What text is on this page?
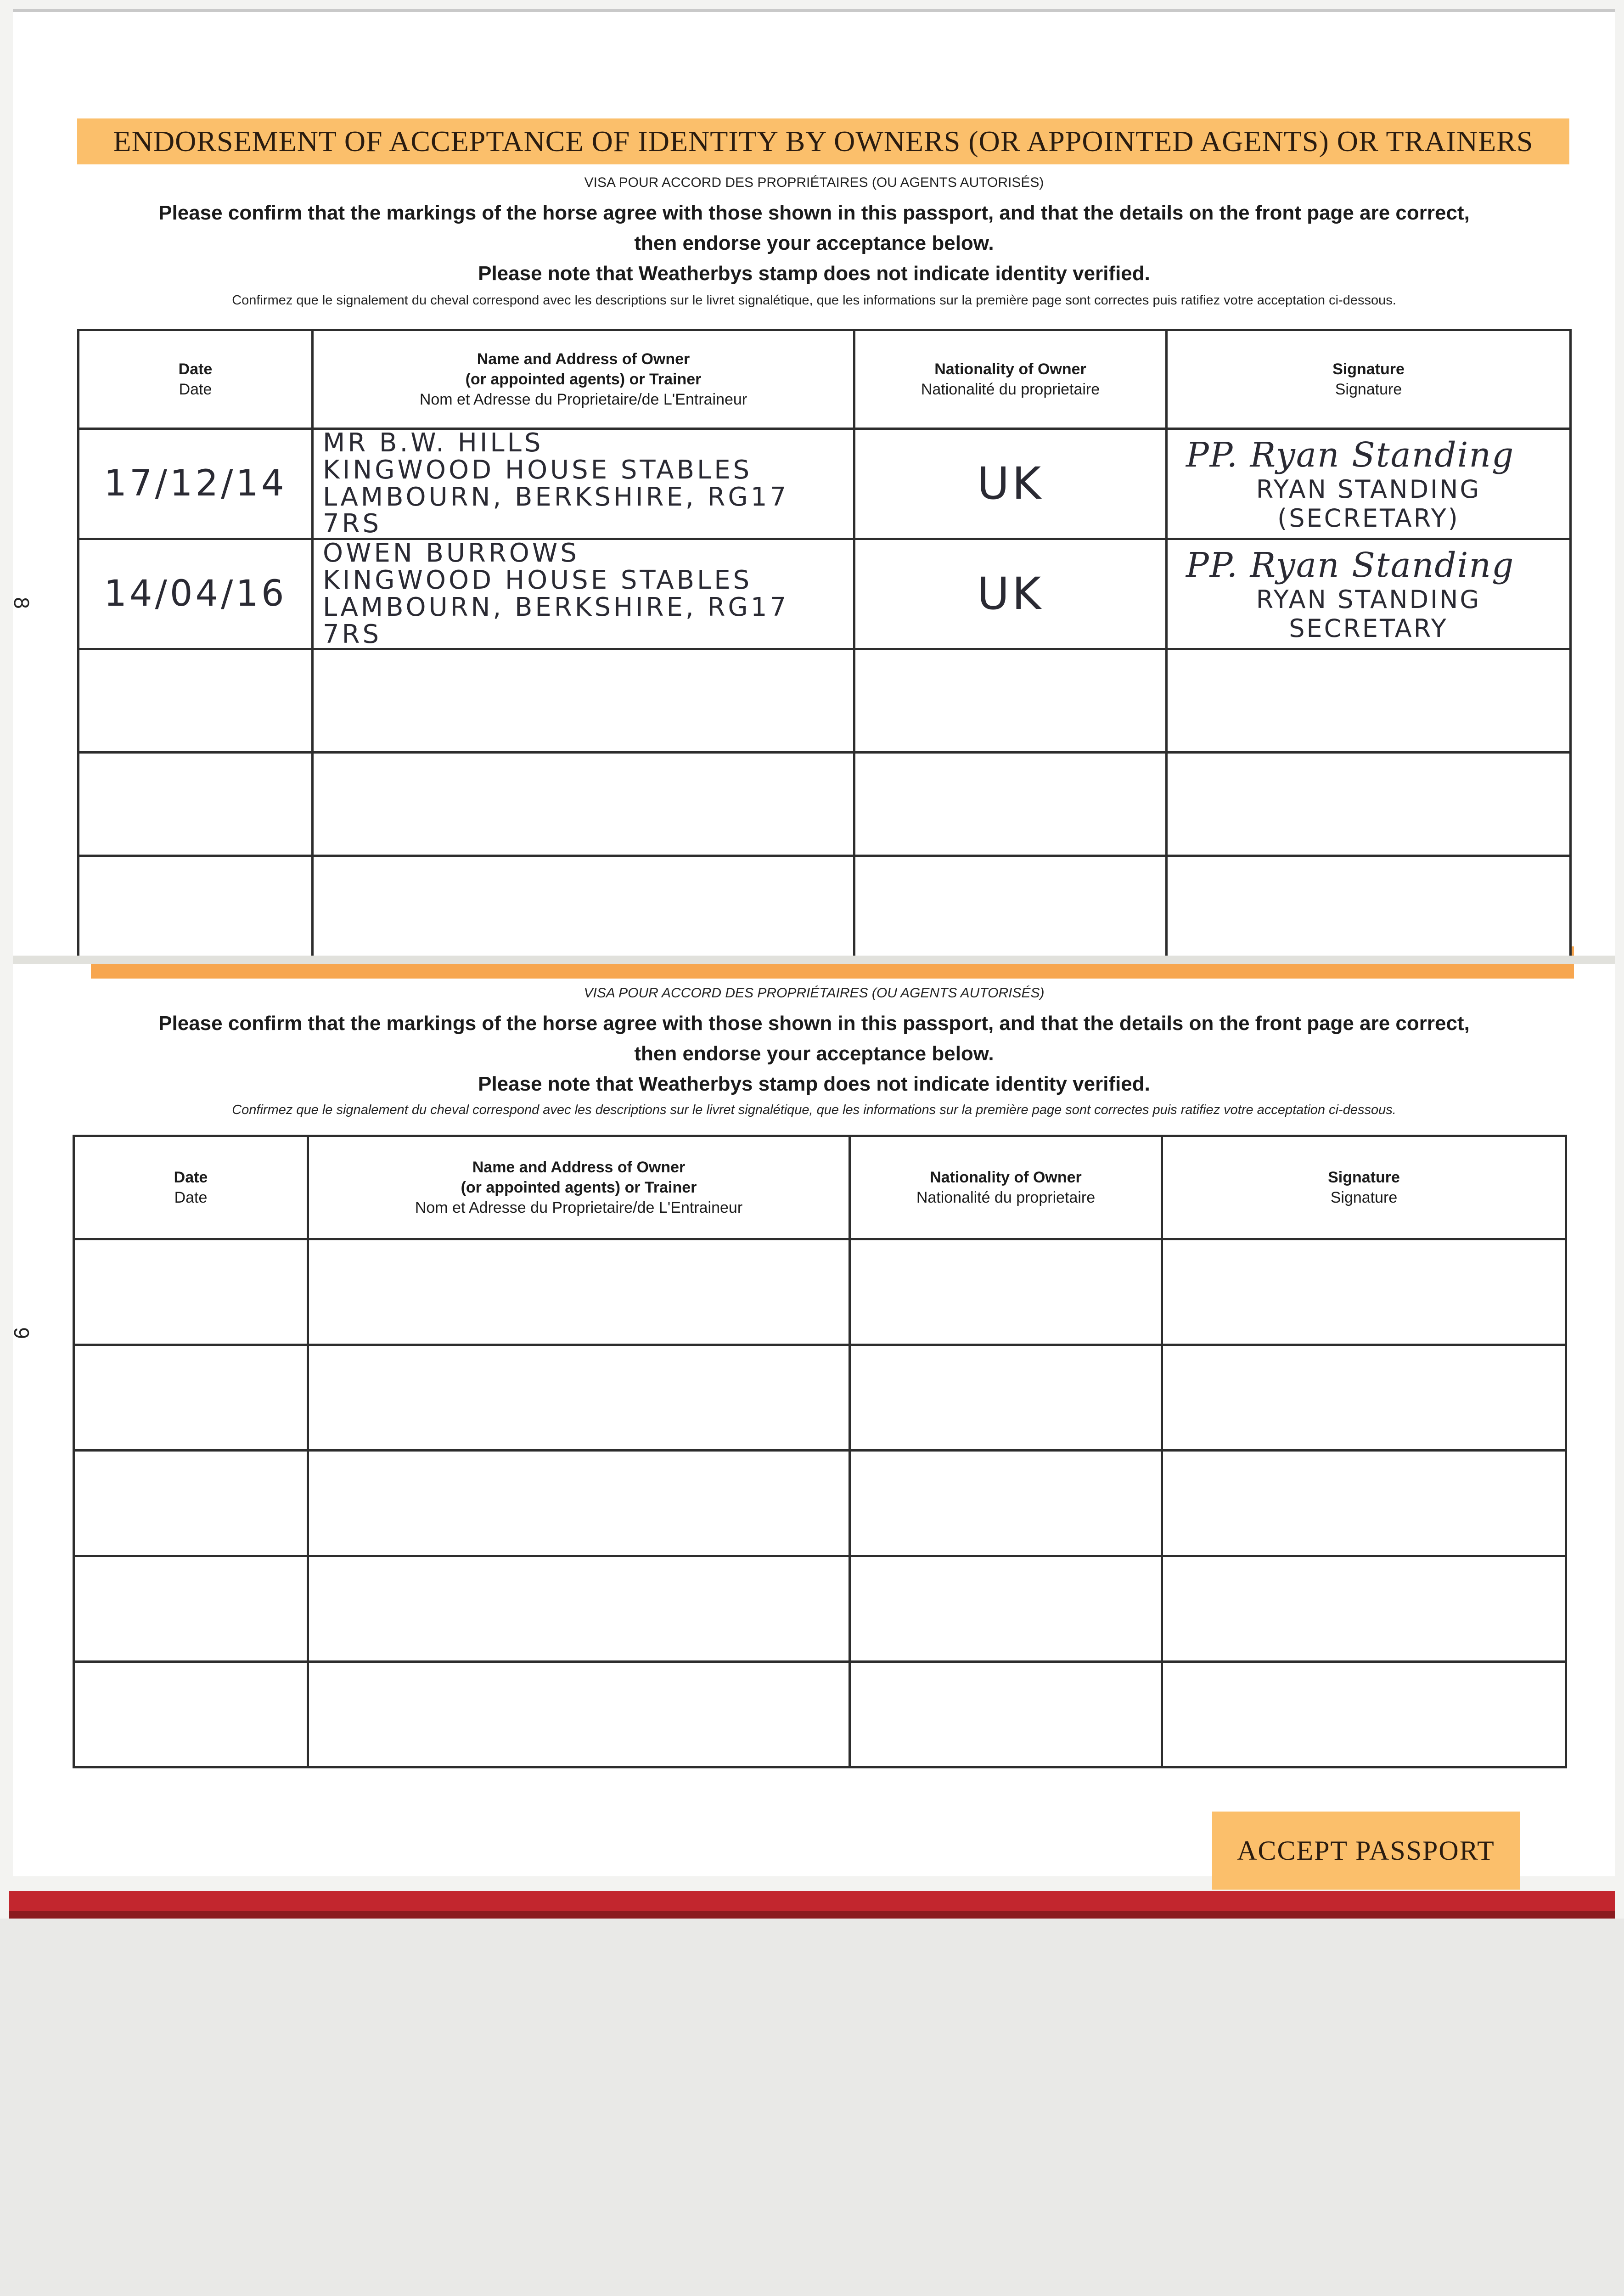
ENDORSEMENT OF ACCEPTANCE OF IDENTITY BY OWNERS (OR APPOINTED AGENTS) OR TRAINERS
VISA POUR ACCORD DES PROPRIÉTAIRES (OU AGENTS AUTORISÉS)
Please confirm that the markings of the horse agree with those shown in this passport, and that the details on the front page are correct,
then endorse your acceptance below.
Please note that Weatherbys stamp does not indicate identity verified.
Confirmez que le signalement du cheval correspond avec les descriptions sur le livret signalétique, que les informations sur la première page sont correctes puis ratifiez votre acceptation ci-dessous.
8
Date
Date	Name and Address of Owner
(or appointed agents) or Trainer
Nom et Adresse du Proprietaire/de L'Entraineur	Nationality of Owner
Nationalité du proprietaire	Signature
Signature

17/12/14	MR B.W. HILLS
KINGWOOD HOUSE STABLES
LAMBOURN, BERKSHIRE, RG17 7RS	UK	PP. Ryan Standing
RYAN STANDING
(SECRETARY)

14/04/16	OWEN BURROWS
KINGWOOD HOUSE STABLES
LAMBOURN, BERKSHIRE, RG17 7RS	UK	PP. Ryan Standing
RYAN STANDING
SECRETARY

VISA POUR ACCORD DES PROPRIÉTAIRES (OU AGENTS AUTORISÉS)
Please confirm that the markings of the horse agree with those shown in this passport, and that the details on the front page are correct,
then endorse your acceptance below.
Please note that Weatherbys stamp does not indicate identity verified.
Confirmez que le signalement du cheval correspond avec les descriptions sur le livret signalétique, que les informations sur la première page sont correctes puis ratifiez votre acceptation ci-dessous.
9
Date
Date	Name and Address of Owner
(or appointed agents) or Trainer
Nom et Adresse du Proprietaire/de L'Entraineur	Nationality of Owner
Nationalité du proprietaire	Signature
Signature

ACCEPT PASSPORT
